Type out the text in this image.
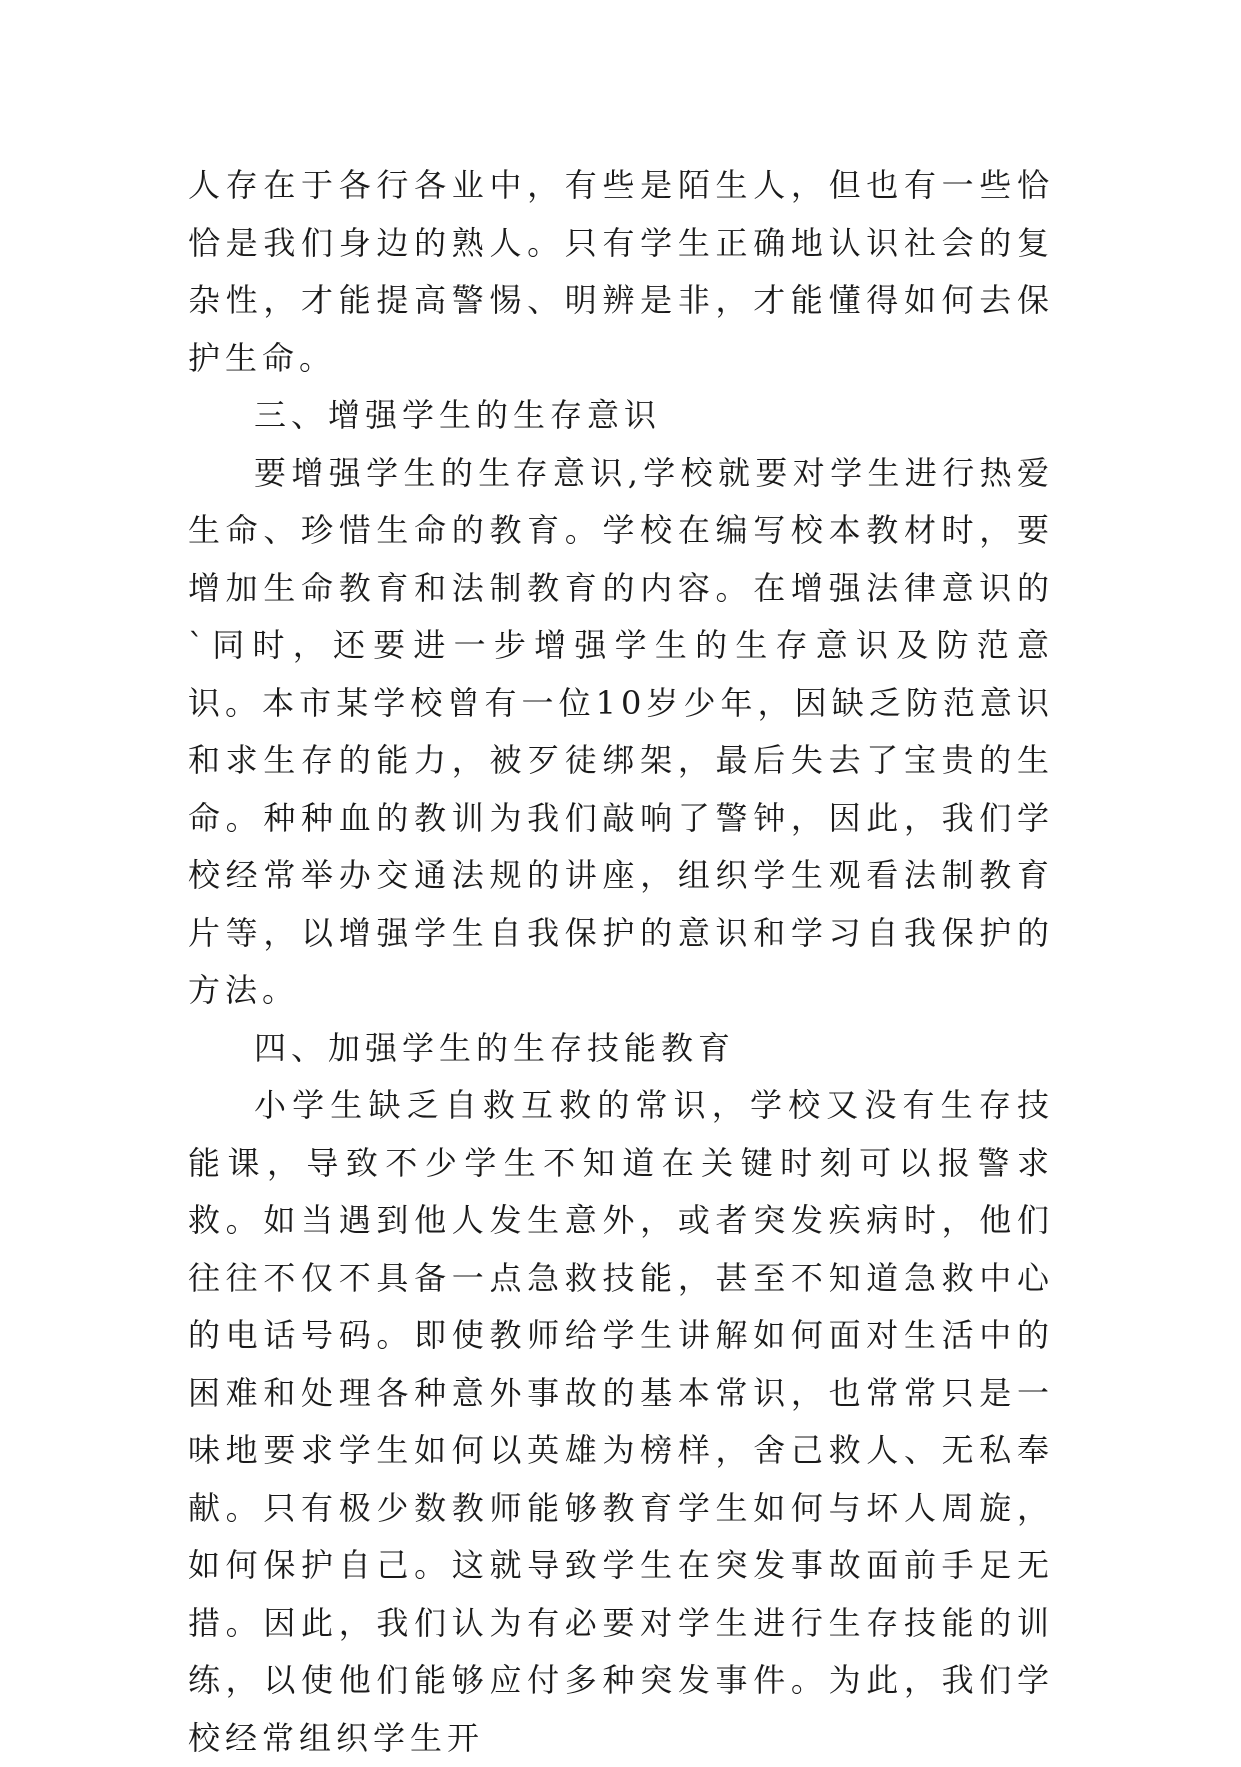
人存在于各行各业中，有些是陌生人，但也有一些恰恰是我们身边的熟人。只有学生正确地认识社会的复杂性，才能提高警惕、明辨是非，才能懂得如何去保护生命。

三、增强学生的生存意识

要增强学生的生存意识,学校就要对学生进行热爱生命、珍惜生命的教育。学校在编写校本教材时，要增加生命教育和法制教育的内容。在增强法律意识的`同时，还要进一步增强学生的生存意识及防范意识。本市某学校曾有一位10岁少年，因缺乏防范意识和求生存的能力，被歹徒绑架，最后失去了宝贵的生命。种种血的教训为我们敲响了警钟，因此，我们学校经常举办交通法规的讲座，组织学生观看法制教育片等，以增强学生自我保护的意识和学习自我保护的方法。

四、加强学生的生存技能教育

小学生缺乏自救互救的常识，学校又没有生存技能课，导致不少学生不知道在关键时刻可以报警求救。如当遇到他人发生意外，或者突发疾病时，他们往往不仅不具备一点急救技能，甚至不知道急救中心的电话号码。即使教师给学生讲解如何面对生活中的困难和处理各种意外事故的基本常识，也常常只是一味地要求学生如何以英雄为榜样，舍己救人、无私奉献。只有极少数教师能够教育学生如何与坏人周旋，如何保护自己。这就导致学生在突发事故面前手足无措。因此，我们认为有必要对学生进行生存技能的训练，以使他们能够应付多种突发事件。为此，我们学校经常组织学生开
